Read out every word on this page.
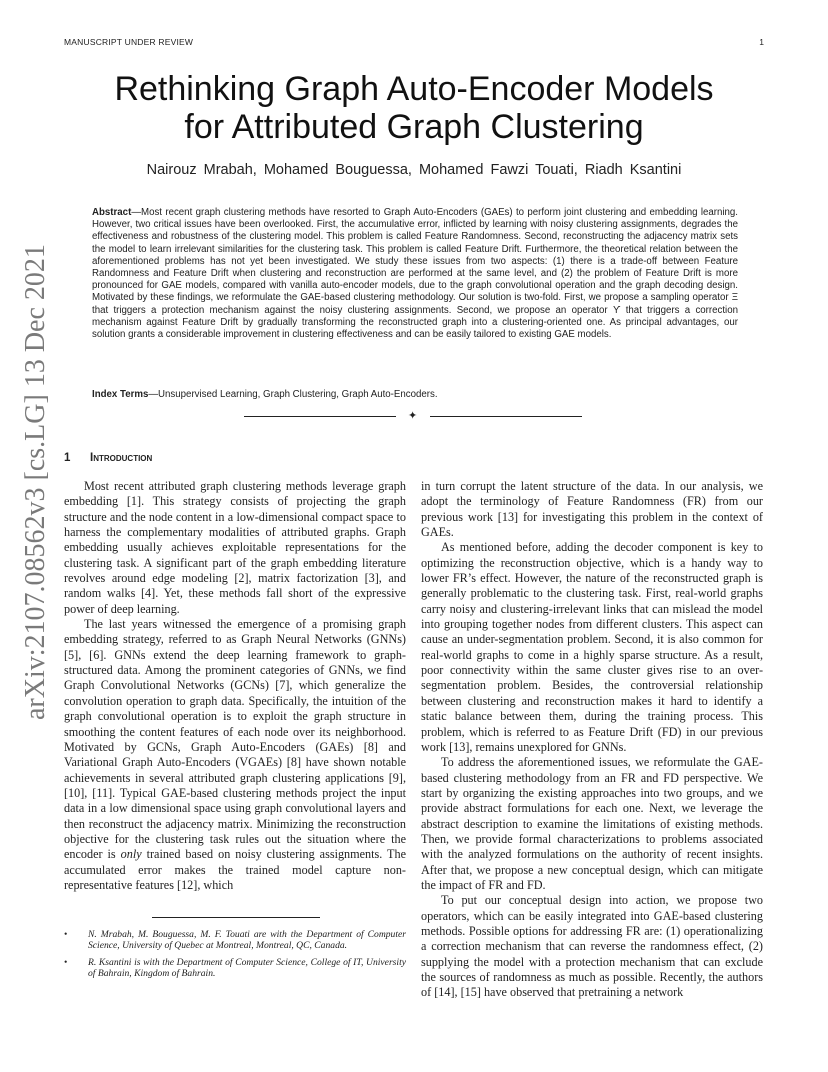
MANUSCRIPT UNDER REVIEW	1
arXiv:2107.08562v3 [cs.LG] 13 Dec 2021
Rethinking Graph Auto-Encoder Models
for Attributed Graph Clustering
Nairouz Mrabah, Mohamed Bouguessa, Mohamed Fawzi Touati, Riadh Ksantini
Abstract—Most recent graph clustering methods have resorted to Graph Auto-Encoders (GAEs) to perform joint clustering and embedding learning. However, two critical issues have been overlooked. First, the accumulative error, inflicted by learning with noisy clustering assignments, degrades the effectiveness and robustness of the clustering model. This problem is called Feature Randomness. Second, reconstructing the adjacency matrix sets the model to learn irrelevant similarities for the clustering task. This problem is called Feature Drift. Furthermore, the theoretical relation between the aforementioned problems has not yet been investigated. We study these issues from two aspects: (1) there is a trade-off between Feature Randomness and Feature Drift when clustering and reconstruction are performed at the same level, and (2) the problem of Feature Drift is more pronounced for GAE models, compared with vanilla auto-encoder models, due to the graph convolutional operation and the graph decoding design. Motivated by these findings, we reformulate the GAE-based clustering methodology. Our solution is two-fold. First, we propose a sampling operator Ξ that triggers a protection mechanism against the noisy clustering assignments. Second, we propose an operator ϒ that triggers a correction mechanism against Feature Drift by gradually transforming the reconstructed graph into a clustering-oriented one. As principal advantages, our solution grants a considerable improvement in clustering effectiveness and can be easily tailored to existing GAE models.
Index Terms—Unsupervised Learning, Graph Clustering, Graph Auto-Encoders.
✦
1 Introduction

Most recent attributed graph clustering methods leverage graph embedding [1]. This strategy consists of projecting the graph structure and the node content in a low-dimensional compact space to harness the complementary modalities of attributed graphs. Graph embedding usually achieves exploitable representations for the clustering task. A significant part of the graph embedding literature revolves around edge modeling [2], matrix factorization [3], and random walks [4]. Yet, these methods fall short of the expressive power of deep learning.

The last years witnessed the emergence of a promising graph embedding strategy, referred to as Graph Neural Networks (GNNs) [5], [6]. GNNs extend the deep learning framework to graph-structured data. Among the prominent categories of GNNs, we find Graph Convolutional Networks (GCNs) [7], which generalize the convolution operation to graph data. Specifically, the intuition of the graph convolutional operation is to exploit the graph structure in smoothing the content features of each node over its neighborhood. Motivated by GCNs, Graph Auto-Encoders (GAEs) [8] and Variational Graph Auto-Encoders (VGAEs) [8] have shown notable achievements in several attributed graph clustering applications [9], [10], [11]. Typical GAE-based clustering methods project the input data in a low dimensional space using graph convolutional layers and then reconstruct the adjacency matrix. Minimizing the reconstruction objective for the clustering task rules out the situation where the encoder is only trained based on noisy clustering assignments. The accumulated error makes the trained model capture non-representative features [12], which

in turn corrupt the latent structure of the data. In our analysis, we adopt the terminology of Feature Randomness (FR) from our previous work [13] for investigating this problem in the context of GAEs.

As mentioned before, adding the decoder component is key to optimizing the reconstruction objective, which is a handy way to lower FR’s effect. However, the nature of the reconstructed graph is generally problematic to the clustering task. First, real-world graphs carry noisy and clustering-irrelevant links that can mislead the model into grouping together nodes from different clusters. This aspect can cause an under-segmentation problem. Second, it is also common for real-world graphs to come in a highly sparse structure. As a result, poor connectivity within the same cluster gives rise to an over-segmentation problem. Besides, the controversial relationship between clustering and reconstruction makes it hard to identify a static balance between them, during the training process. This problem, which is referred to as Feature Drift (FD) in our previous work [13], remains unexplored for GNNs.

To address the aforementioned issues, we reformulate the GAE-based clustering methodology from an FR and FD perspective. We start by organizing the existing approaches into two groups, and we provide abstract formulations for each one. Next, we leverage the abstract description to examine the limitations of existing methods. Then, we provide formal characterizations to problems associated with the analyzed formulations on the authority of recent insights. After that, we propose a new conceptual design, which can mitigate the impact of FR and FD.

To put our conceptual design into action, we propose two operators, which can be easily integrated into GAE-based clustering methods. Possible options for addressing FR are: (1) operationalizing a correction mechanism that can reverse the randomness effect, (2) supplying the model with a protection mechanism that can exclude the sources of randomness as much as possible. Recently, the authors of [14], [15] have observed that pretraining a network

• N. Mrabah, M. Bouguessa, M. F. Touati are with the Department of Computer Science, University of Quebec at Montreal, Montreal, QC, Canada.
• R. Ksantini is with the Department of Computer Science, College of IT, University of Bahrain, Kingdom of Bahrain.
